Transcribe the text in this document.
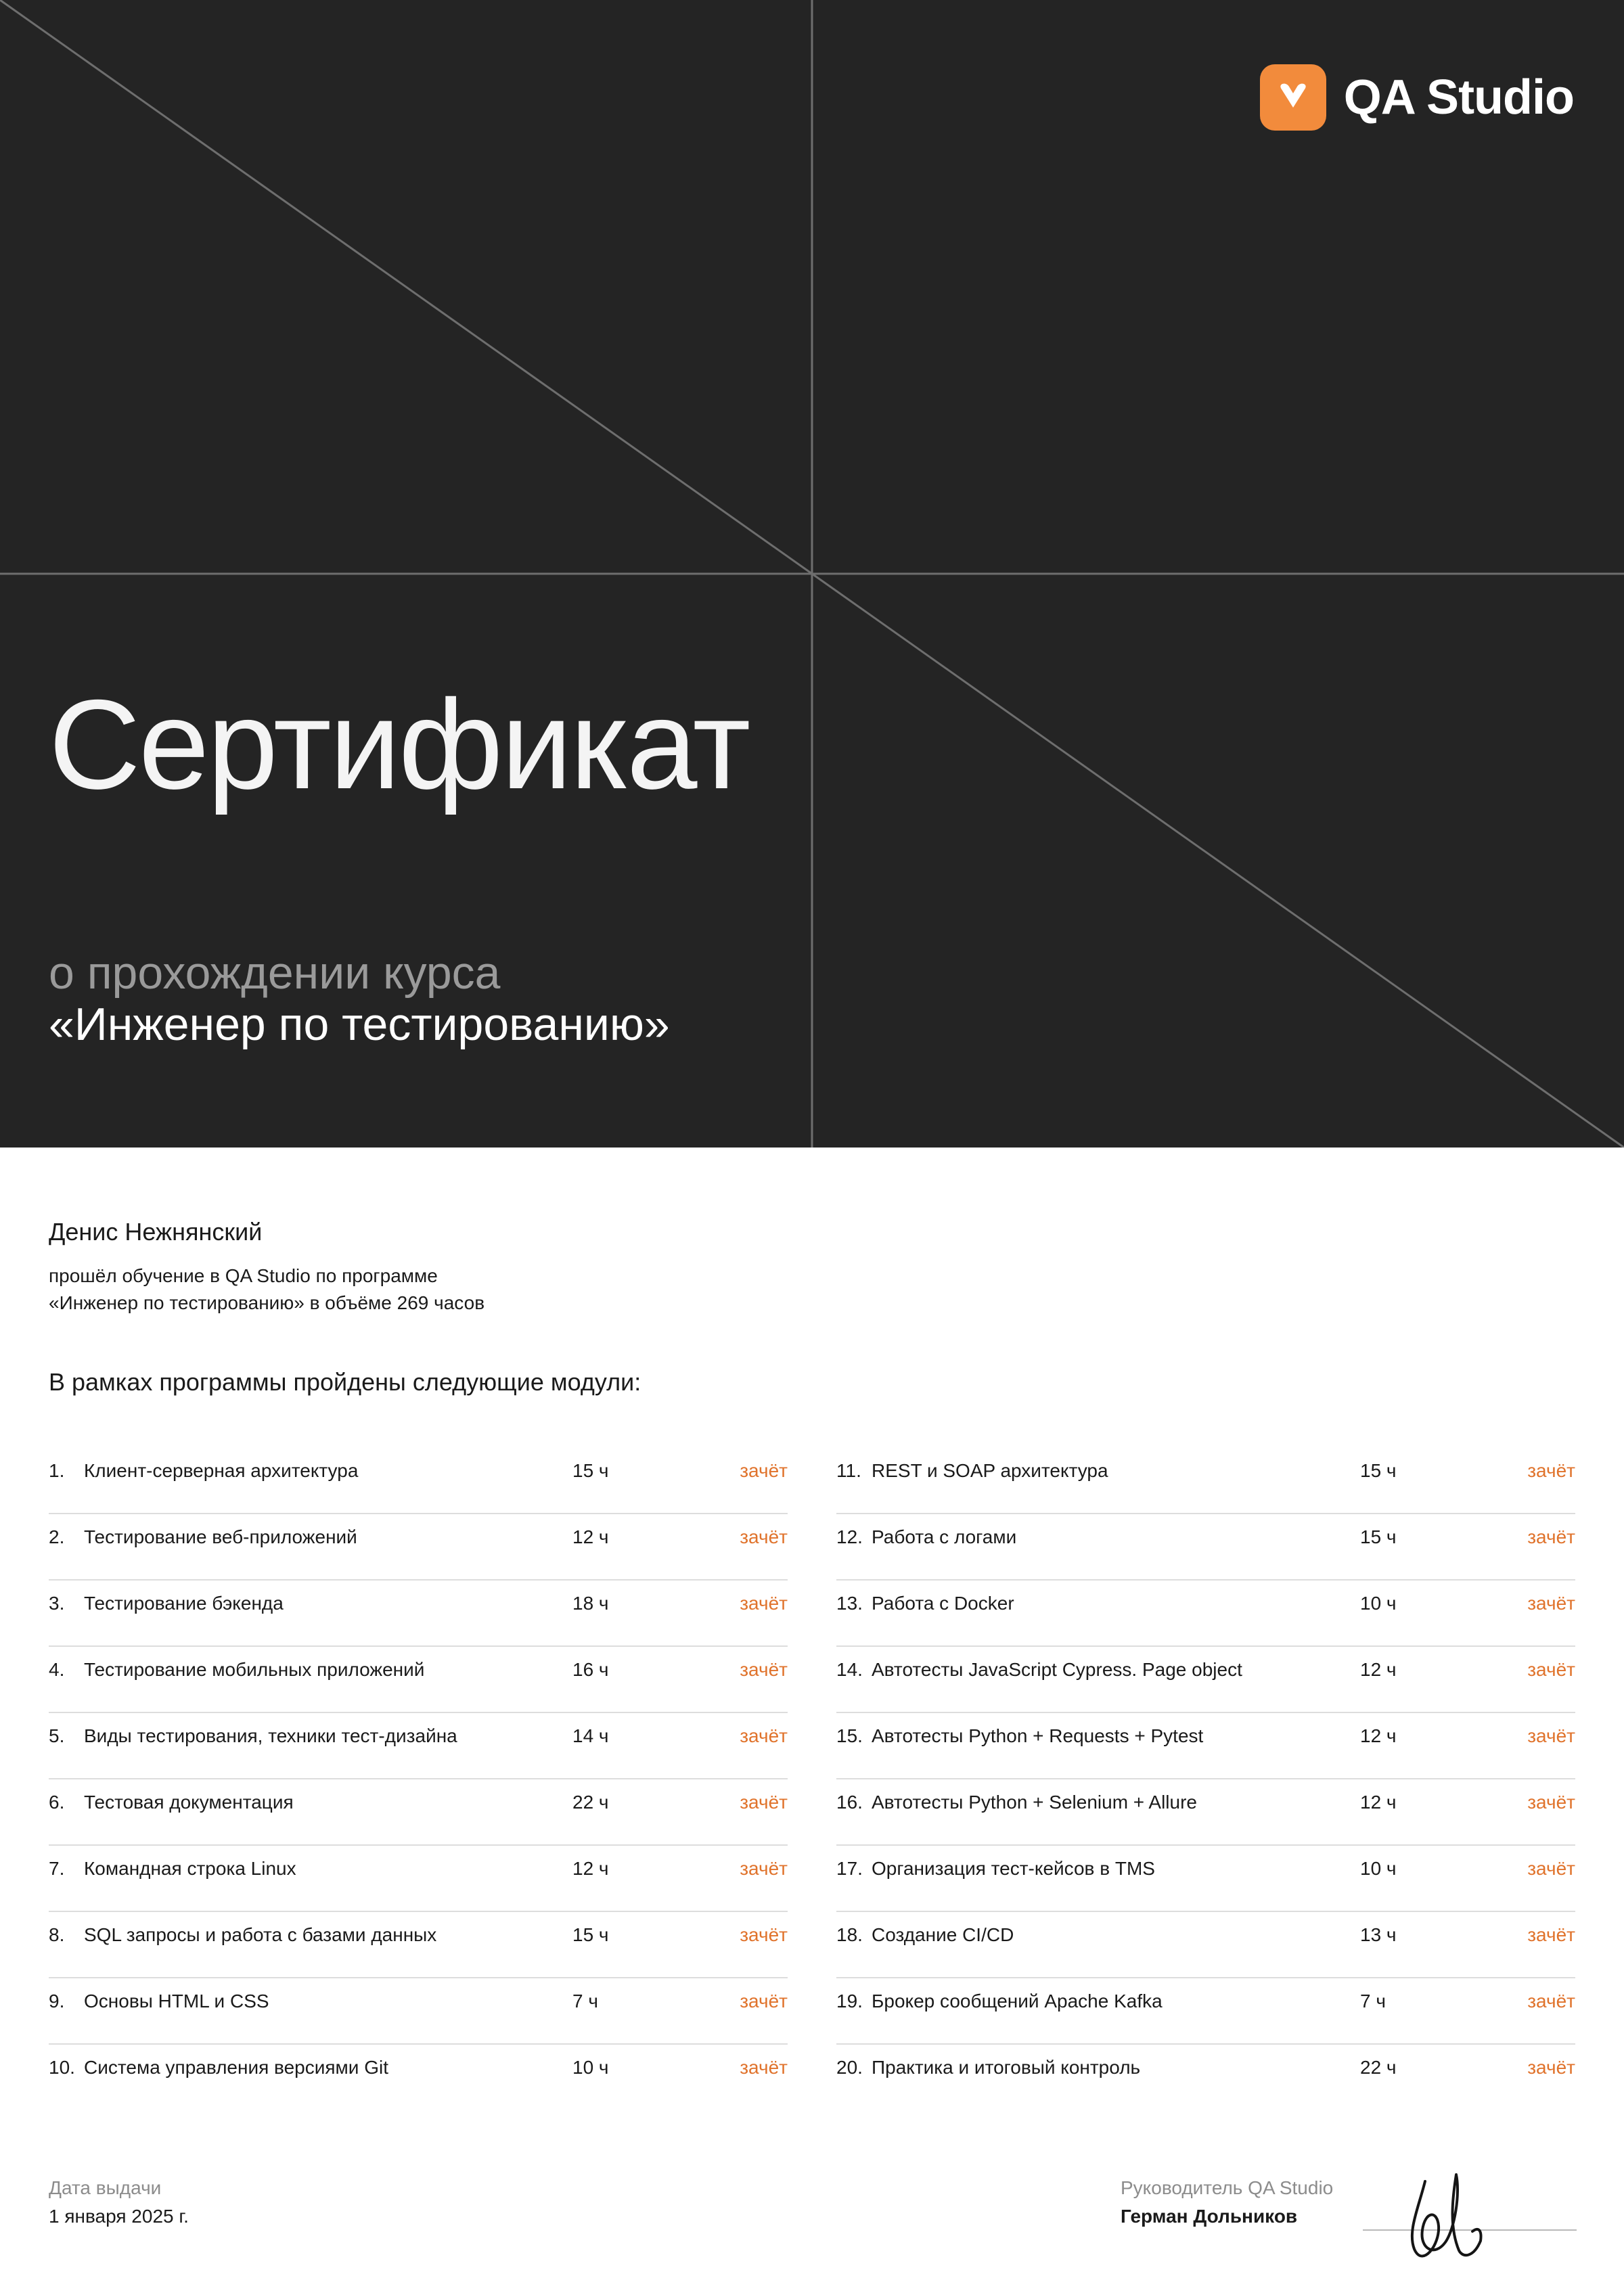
QA Studio
Сертификат
о прохождении курса
«Инженер по тестированию»
Денис Нежнянский
прошёл обучение в QA Studio по программе
«Инженер по тестированию» в объёме 269 часов
В рамках программы пройдены следующие модули:
1. Клиент-серверная архитектура	15 ч	зачёт
2. Тестирование веб-приложений	12 ч	зачёт
3. Тестирование бэкенда	18 ч	зачёт
4. Тестирование мобильных приложений	16 ч	зачёт
5. Виды тестирования, техники тест-дизайна	14 ч	зачёт
6. Тестовая документация	22 ч	зачёт
7. Командная строка Linux	12 ч	зачёт
8. SQL запросы и работа с базами данных	15 ч	зачёт
9. Основы HTML и CSS	7 ч	зачёт
10. Система управления версиями Git	10 ч	зачёт
11. REST и SOAP архитектура	15 ч	зачёт
12. Работа с логами	15 ч	зачёт
13. Работа с Docker	10 ч	зачёт
14. Автотесты JavaScript Cypress. Page object	12 ч	зачёт
15. Автотесты Python + Requests + Pytest	12 ч	зачёт
16. Автотесты Python + Selenium + Allure	12 ч	зачёт
17. Организация тест-кейсов в TMS	10 ч	зачёт
18. Создание CI/CD	13 ч	зачёт
19. Брокер сообщений Apache Kafka	7 ч	зачёт
20. Практика и итоговый контроль	22 ч	зачёт
Дата выдачи
1 января 2025 г.
Руководитель QA Studio
Герман Дольников
